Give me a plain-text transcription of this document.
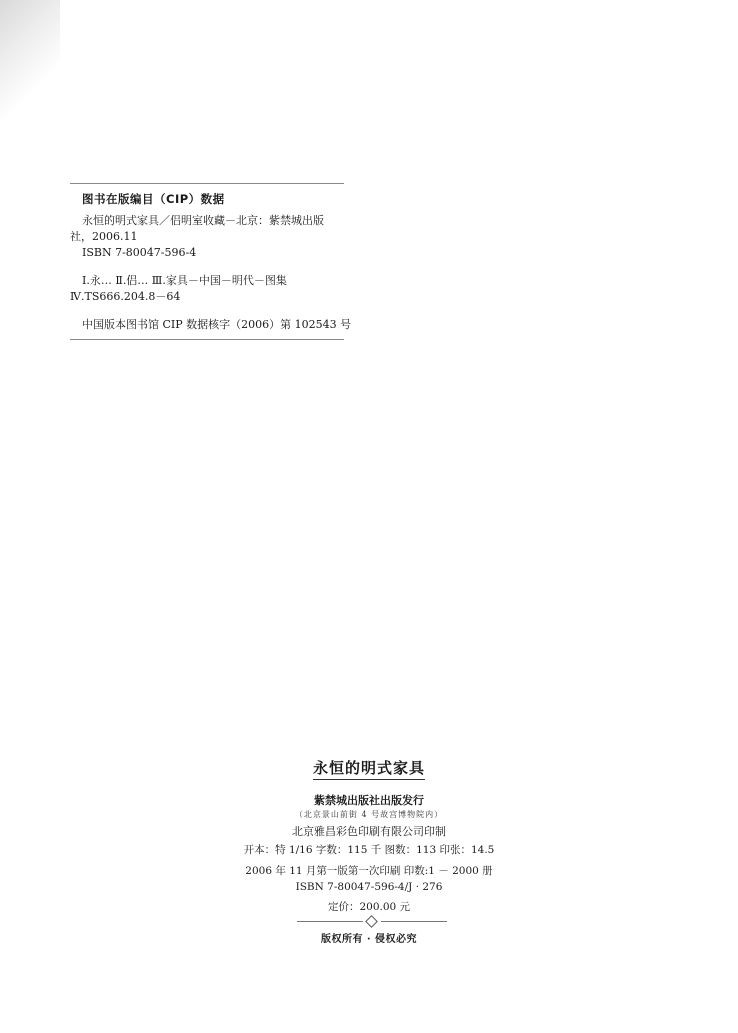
图书在版编目（CIP）数据
永恒的明式家具／侣明室收藏－北京：紫禁城出版
社，2006.11
ISBN 7-80047-596-4
Ⅰ.永… Ⅱ.侣… Ⅲ.家具－中国－明代－图集
Ⅳ.TS666.204.8－64
中国版本图书馆 CIP 数据核字（2006）第 102543 号
永恒的明式家具
紫禁城出版社出版发行
（北京景山前街 4 号故宫博物院内）
北京雅昌彩色印刷有限公司印制
开本：特 1/16 字数：115 千 图数：113 印张：14.5
2006 年 11 月第一版第一次印刷 印数:1 － 2000 册
ISBN 7-80047-596-4/J · 276
定价：200.00 元
版权所有 · 侵权必究
